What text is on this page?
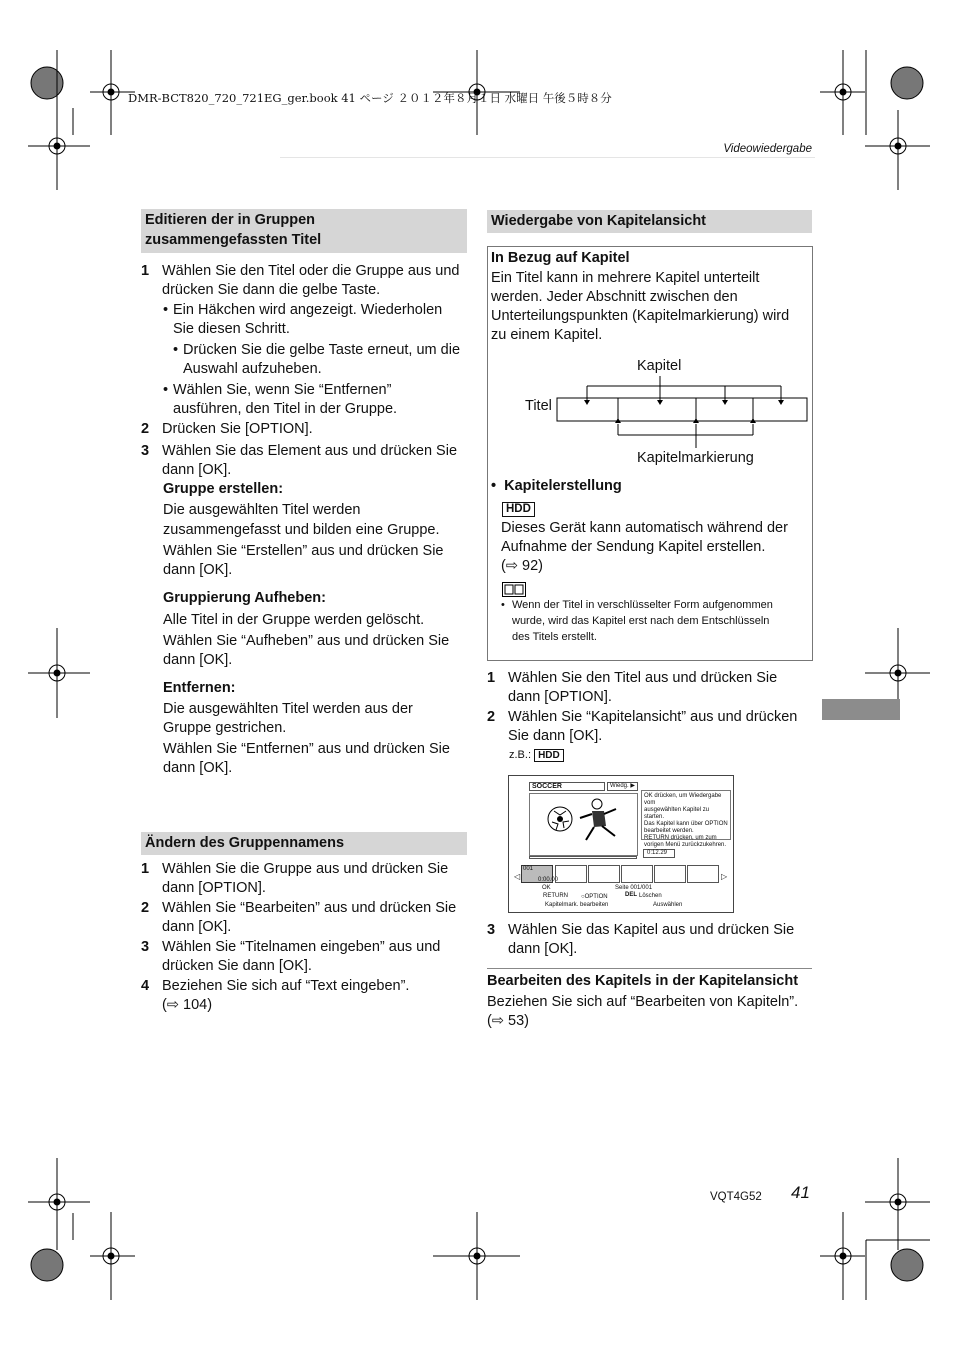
DMR-BCT820_720_721EG_ger.book 41 ページ ２０１２年８月１日 水曜日 午後５時８分
Videowiedergabe
Editieren der in Gruppen
zusammengefassten Titel
1 Wählen Sie den Titel oder die Gruppe aus und
drücken Sie dann die gelbe Taste.
• Ein Häkchen wird angezeigt. Wiederholen
Sie diesen Schritt.
• Drücken Sie die gelbe Taste erneut, um die
Auswahl aufzuheben.
• Wählen Sie, wenn Sie “Entfernen”
ausführen, den Titel in der Gruppe.
2 Drücken Sie [OPTION].
3 Wählen Sie das Element aus und drücken Sie
dann [OK].
Gruppe erstellen:
Die ausgewählten Titel werden
zusammengefasst und bilden eine Gruppe.
Wählen Sie “Erstellen” aus und drücken Sie
dann [OK].
Gruppierung Aufheben:
Alle Titel in der Gruppe werden gelöscht.
Wählen Sie “Aufheben” aus und drücken Sie
dann [OK].
Entfernen:
Die ausgewählten Titel werden aus der
Gruppe gestrichen.
Wählen Sie “Entfernen” aus und drücken Sie
dann [OK].
Ändern des Gruppennamens
1 Wählen Sie die Gruppe aus und drücken Sie
dann [OPTION].
2 Wählen Sie “Bearbeiten” aus und drücken Sie
dann [OK].
3 Wählen Sie “Titelnamen eingeben” aus und
drücken Sie dann [OK].
4 Beziehen Sie sich auf “Text eingeben”.
(⇨ 104)
Wiedergabe von Kapitelansicht
In Bezug auf Kapitel
Ein Titel kann in mehrere Kapitel unterteilt
werden. Jeder Abschnitt zwischen den
Unterteilungspunkten (Kapitelmarkierung) wird
zu einem Kapitel.
Kapitel
Titel
Kapitelmarkierung
•  Kapitelerstellung
HDD
Dieses Gerät kann automatisch während der
Aufnahme der Sendung Kapitel erstellen.
(⇨ 92)
• Wenn der Titel in verschlüsselter Form aufgenommen
wurde, wird das Kapitel erst nach dem Entschlüsseln
des Titels erstellt.
1 Wählen Sie den Titel aus und drücken Sie
dann [OPTION].
2 Wählen Sie “Kapitelansicht” aus und drücken
Sie dann [OK].
z.B.: HDD
SOCCER	Wiedg. ▶
OK drücken, um Wiedergabe vom
ausgewählten Kapitel zu starten.
Das Kapitel kann über OPTION
bearbeitet werden.
RETURN drücken, um zum
vorigen Menü zurückzukehren.
0:12.29
◁
001
0:00.00	▷
OK
RETURN ○OPTION
Seite 001/001
DEL Löschen
Kapitelmark. bearbeiten	Auswählen
3 Wählen Sie das Kapitel aus und drücken Sie
dann [OK].
Bearbeiten des Kapitels in der Kapitelansicht
Beziehen Sie sich auf “Bearbeiten von Kapiteln”.
(⇨ 53)
VQT4G52 41
